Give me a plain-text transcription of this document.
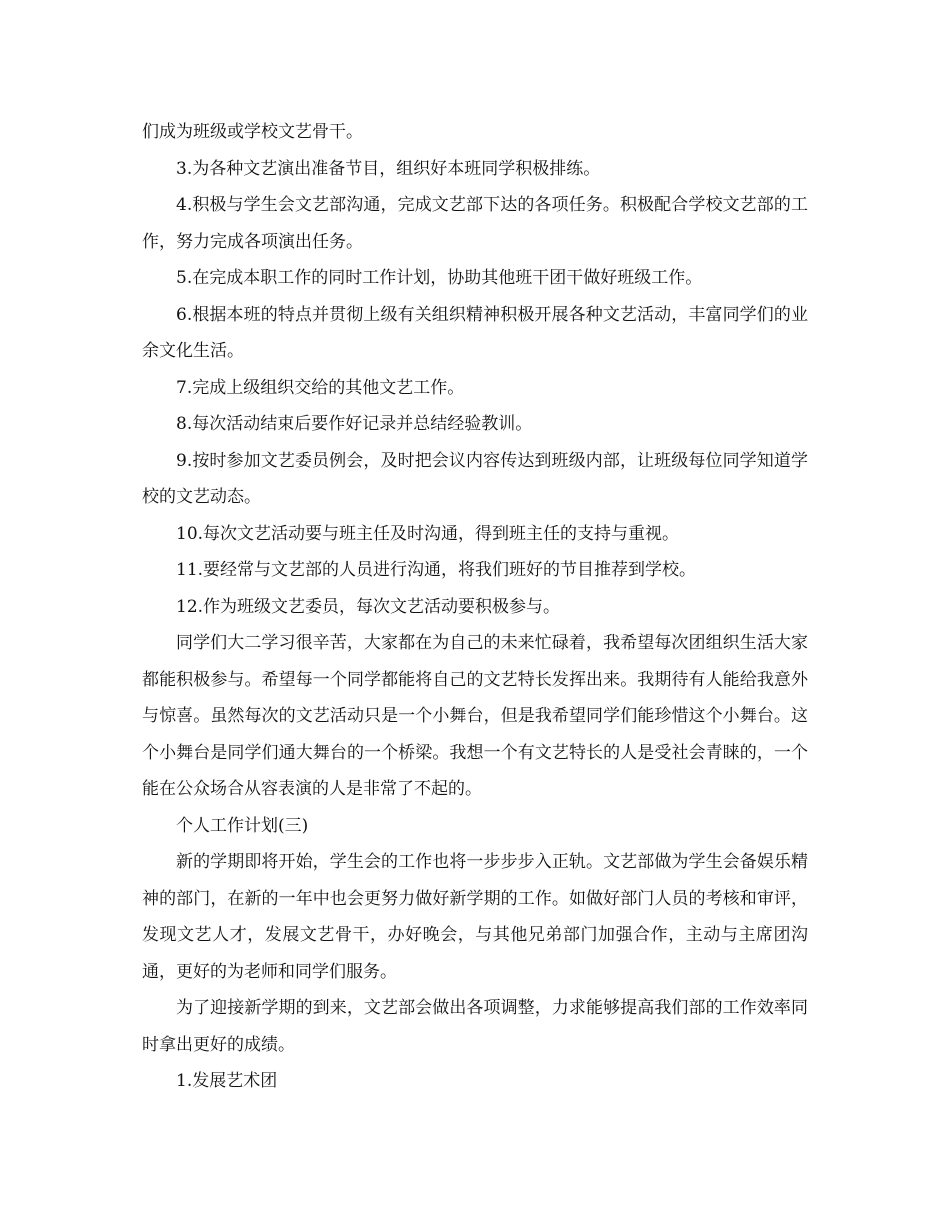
们成为班级或学校文艺骨干。

3.为各种文艺演出准备节目，组织好本班同学积极排练。

4.积极与学生会文艺部沟通，完成文艺部下达的各项任务。积极配合学校文艺部的工作，努力完成各项演出任务。

5.在完成本职工作的同时工作计划，协助其他班干团干做好班级工作。

6.根据本班的特点并贯彻上级有关组织精神积极开展各种文艺活动，丰富同学们的业余文化生活。

7.完成上级组织交给的其他文艺工作。

8.每次活动结束后要作好记录并总结经验教训。

9.按时参加文艺委员例会，及时把会议内容传达到班级内部，让班级每位同学知道学校的文艺动态。

10.每次文艺活动要与班主任及时沟通，得到班主任的支持与重视。

11.要经常与文艺部的人员进行沟通，将我们班好的节目推荐到学校。

12.作为班级文艺委员，每次文艺活动要积极参与。

同学们大二学习很辛苦，大家都在为自己的未来忙碌着，我希望每次团组织生活大家都能积极参与。希望每一个同学都能将自己的文艺特长发挥出来。我期待有人能给我意外与惊喜。虽然每次的文艺活动只是一个小舞台，但是我希望同学们能珍惜这个小舞台。这个小舞台是同学们通大舞台的一个桥梁。我想一个有文艺特长的人是受社会青睐的，一个能在公众场合从容表演的人是非常了不起的。

个人工作计划(三)

新的学期即将开始，学生会的工作也将一步步步入正轨。文艺部做为学生会备娱乐精神的部门，在新的一年中也会更努力做好新学期的工作。如做好部门人员的考核和审评，发现文艺人才，发展文艺骨干，办好晚会，与其他兄弟部门加强合作，主动与主席团沟通，更好的为老师和同学们服务。

为了迎接新学期的到来，文艺部会做出各项调整，力求能够提高我们部的工作效率同时拿出更好的成绩。

1.发展艺术团
